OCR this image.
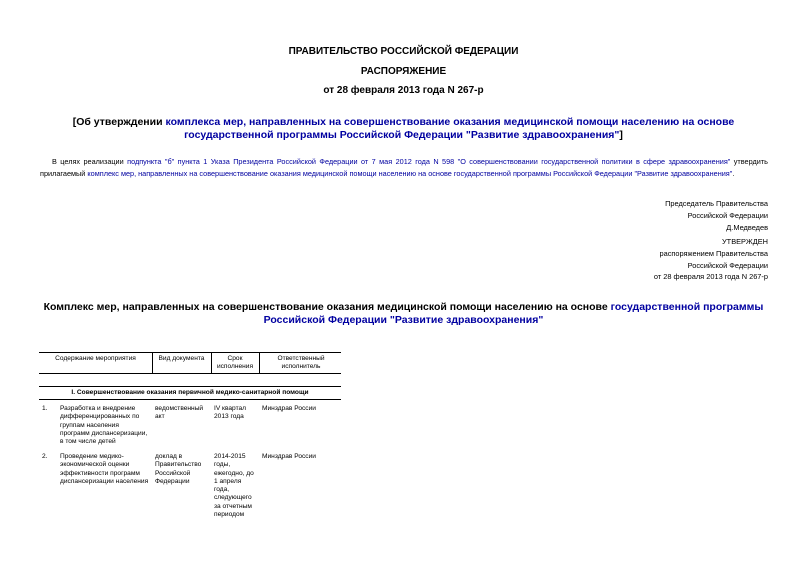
ПРАВИТЕЛЬСТВО РОССИЙСКОЙ ФЕДЕРАЦИИ
РАСПОРЯЖЕНИЕ
от 28 февраля 2013 года N 267-р
[Об утверждении комплекса мер, направленных на совершенствование оказания медицинской помощи населению на основе государственной программы Российской Федерации "Развитие здравоохранения"]
В целях реализации подпункта "б" пункта 1 Указа Президента Российской Федерации от 7 мая 2012 года N 598 "О совершенствовании государственной политики в сфере здравоохранения" утвердить прилагаемый комплекс мер, направленных на совершенствование оказания медицинской помощи населению на основе государственной программы Российской Федерации "Развитие здравоохранения".
Председатель Правительства
Российской Федерации
Д.Медведев
УТВЕРЖДЕН
распоряжением Правительства
Российской Федерации
от 28 февраля 2013 года N 267-р
Комплекс мер, направленных на совершенствование оказания медицинской помощи населению на основе государственной программы Российской Федерации "Развитие здравоохранения"
Содержание мероприятия	Вид документа	Срок исполнения
Ответственный исполнитель
I. Совершенствование оказания первичной медико-санитарной помощи
1. Разработка и внедрение дифференцированных по группам населения программ диспансеризации, в том числе детей
ведомственный акт
IV квартал 2013 года
Минздрав России
2. Проведение медико-экономической оценки эффективности программ диспансеризации населения
доклад в Правительство Российской Федерации
2014-2015 годы, ежегодно, до 1 апреля года, следующего за отчетным периодом
Минздрав России
